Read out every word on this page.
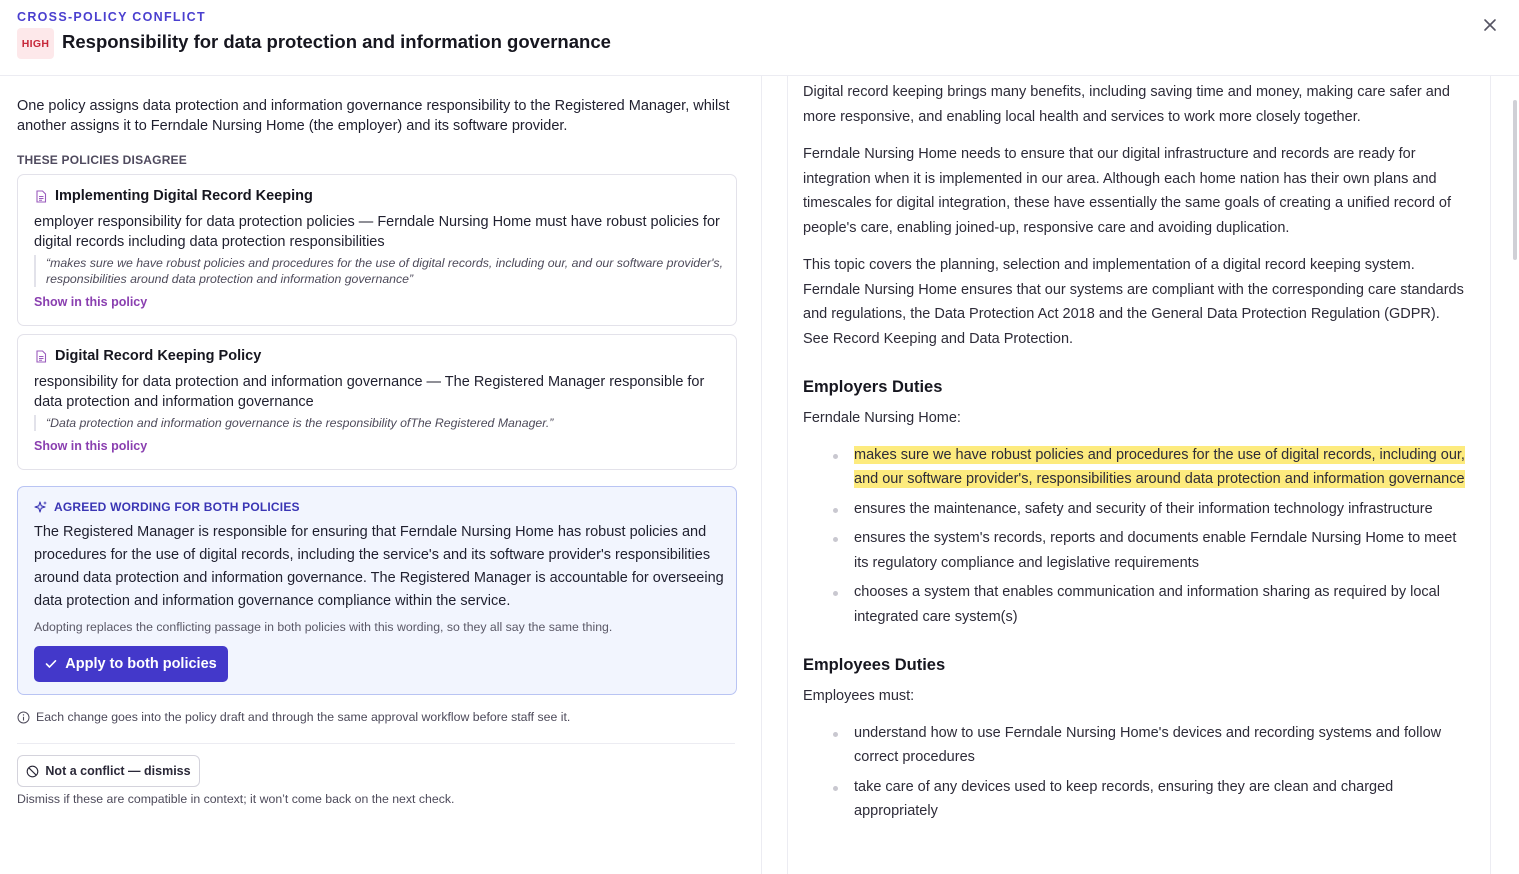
CROSS-POLICY CONFLICT
HIGH Responsibility for data protection and information governance
One policy assigns data protection and information governance responsibility to the Registered Manager, whilst another assigns it to Ferndale Nursing Home (the employer) and its software provider.
THESE POLICIES DISAGREE
Implementing Digital Record Keeping
employer responsibility for data protection policies — Ferndale Nursing Home must have robust policies for digital records including data protection responsibilities
“makes sure we have robust policies and procedures for the use of digital records, including our, and our software provider's, responsibilities around data protection and information governance”
Show in this policy
Digital Record Keeping Policy
responsibility for data protection and information governance — The Registered Manager responsible for data protection and information governance
“Data protection and information governance is the responsibility ofThe Registered Manager.”
Show in this policy
AGREED WORDING FOR BOTH POLICIES
The Registered Manager is responsible for ensuring that Ferndale Nursing Home has robust policies and procedures for the use of digital records, including the service's and its software provider's responsibilities around data protection and information governance. The Registered Manager is accountable for overseeing data protection and information governance compliance within the service.
Adopting replaces the conflicting passage in both policies with this wording, so they all say the same thing.
Apply to both policies
Each change goes into the policy draft and through the same approval workflow before staff see it.
Not a conflict — dismiss
Dismiss if these are compatible in context; it won’t come back on the next check.

Digital record keeping brings many benefits, including saving time and money, making care safer and more responsive, and enabling local health and services to work more closely together.

Ferndale Nursing Home needs to ensure that our digital infrastructure and records are ready for integration when it is implemented in our area. Although each home nation has their own plans and timescales for digital integration, these have essentially the same goals of creating a unified record of people's care, enabling joined-up, responsive care and avoiding duplication.

This topic covers the planning, selection and implementation of a digital record keeping system. Ferndale Nursing Home ensures that our systems are compliant with the corresponding care standards and regulations, the Data Protection Act 2018 and the General Data Protection Regulation (GDPR). See Record Keeping and Data Protection.

Employers Duties
Ferndale Nursing Home:
makes sure we have robust policies and procedures for the use of digital records, including our, and our software provider's, responsibilities around data protection and information governance
ensures the maintenance, safety and security of their information technology infrastructure
ensures the system's records, reports and documents enable Ferndale Nursing Home to meet its regulatory compliance and legislative requirements
chooses a system that enables communication and information sharing as required by local integrated care system(s)
Employees Duties
Employees must:
understand how to use Ferndale Nursing Home's devices and recording systems and follow correct procedures
take care of any devices used to keep records, ensuring they are clean and charged appropriately
